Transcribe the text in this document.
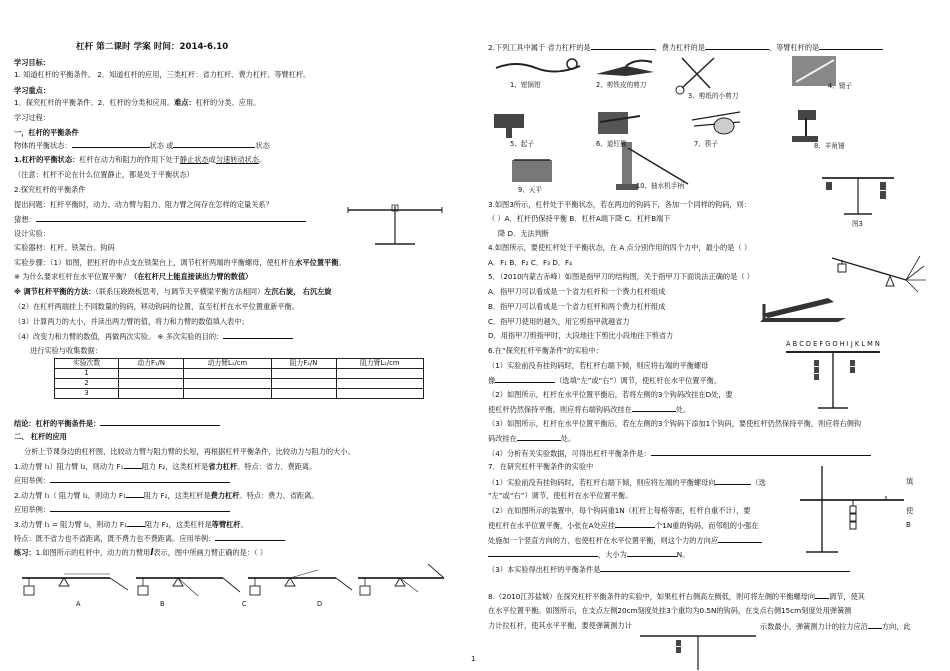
杠杆 第二课时 学案 时间：2014-6.10
学习目标：
1. 知道杠杆的平衡条件。 2．知道杠杆的应用，三类杠杆：省力杠杆、费力杠杆、等臂杠杆。
学习重点：
1．探究杠杆的平衡条件。2．杠杆的分类和应用。难点：杠杆的分类、应用。
学习过程：
一，杠杆的平衡条件
物体的平衡状态：	状态 或	状态
1.杠杆的平衡状态：杠杆在动力和阻力的作用下处于静止状态或匀速转动状态。
（注意：杠杆不论在什么位置静止，都是处于平衡状态）
2.探究杠杆的平衡条件
提出问题：杠杆平衡时，动力、动力臂与阻力、阻力臂之间存在怎样的定量关系？
猜想：
设计实验：
实验器材：杠杆、铁架台、钩码
实验步骤：（1）如图，把杠杆的中点支在铁架台上，调节杠杆两端的平衡螺母，使杠杆在水平位置平衡。
※ 为什么要求杠杆在水平位置平衡？（在杠杆尺上能直接读出力臂的数值）
※ 调节杠杆平衡的方法：（联系压跷跷板思考，与调节天平横梁平衡方法相同）左沉右旋， 右沉左旋
（2）在杠杆两端挂上不同数量的钩码，移动钩码的位置，直至杠杆在水平位置重新平衡。
（3）计算两力的大小，并读出两力臂的值，将力和力臂的数值填入表中；
（4）改变力和力臂的数值，再做两次实验。 ※ 多次实验的目的：
进行实验与收集数据：
实验次数	动力F₁/N	动力臂L₁/cm	阻力F₂/N	阻力臂L₂/cm
1				
2				
3				
结论：杠杆的平衡条件是：
二、 杠杆的应用
分析上节课身边的杠杆图，比较动力臂与阻力臂的长短，再根据杠杆平衡条件，比较动力与阻力的大小。
1.动力臂 l₁）阻力臂 l₂，则动力 F₁	阻力 F₂，这类杠杆是省力杠杆。特点：省力、费距离。
应用举例：
2.动力臂 l₁（ 阻力臂 l₂，则动力 F₁	阻力 F₂，这类杠杆是费力杠杆。特点：费力、省距离。
应用举例：
3.动力臂 l₁ = 阻力臂 l₂，则动力 F₁	阻力 F₂，这类杠杆是等臂杠杆。
特点：既不省力也不省距离，既不费力也不费距离。应用举例：
练习：1.如图所示的杠杆中，动力的力臂用l表示，图中所画力臂正确的是：（ ）
A	B	C	D
2.下列工具中属于 省力杠杆的是	，费力杠杆的是	，等臂杠杆的是
1、钳锅钳	2、剪铁皮的剪刀
3、剪纸的小剪刀
4、镊子
5、起子	6、道钉撬	7、筷子	8、羊角锤
9、天平	10、抽水机手柄
图3
3.如图3所示，杠杆处于平衡状态，若在两边的钩码下，各加一个同样的钩码，则：
（ ）A．杠杆仍保持平衡 B．杠杆A端下降 C．杠杆B端下
降 D．无法判断
4.如图所示，要使杠杆处于平衡状态，在 A 点分别作用的四个力中，最小的是（ ）
A．F₁ B．F₂ C．F₃ D．F₄
5．（2010内蒙古赤峰）如图是指甲刀的结构图，关于指甲刀下面说法正确的是（ ）
A．指甲刀可以看成是一个省力杠杆和一个费力杠杆组成
B．指甲刀可以看成是一个省力杠杆和两个费力杠杆组成
C．指甲刀使用的越久，用它剪指甲就越省力
D．用指甲刀剪指甲时，大段地往下剪比小段地往下剪省力
A B C D E F G O H I J K L M N
6.在“探究杠杆平衡条件”的实验中：
（1）实验前没有挂钩码时，若杠杆右端下倾，则应将右端的平衡螺母
像	（选填“左”或“右”）调节，使杠杆在水平位置平衡。
（2）如图所示，杠杆在水平位置平衡后，若将左侧的3个钩码改挂在D处，要
使杠杆仍然保持平衡，则应将右端钩码改挂在	处。
（3）如图所示，杠杆在水平位置平衡后，若在左侧的3个钩码下添加1个钩码，要使杠杆仍然保持平衡，则应将右侧钩
码改挂在	处。
（4）分析有关实验数据，可得出杠杆平衡条件是：
7．在研究杠杆平衡条件的实验中
（1）实验前没有挂钩码时，若杠杆右端下倾，则应将左端的平衡螺母向	（选	填
“左”或“右”）调节，使杠杆在水平位置平衡。
（2）在如图所示的装置中，每个钩码重1N（杠杆上每格等距，杠杆自重不计），要	使
使杠杆在水平位置平衡，小张在A处应挂	个1N重的钩码，而邻组的小强在	B
处施加一个竖直方向的力，也使杠杆在水平位置平衡，则这个力的方向应
，大小为	N。
（3）本实验得出杠杆的平衡条件是
8.（2010江苏盐城）在探究杠杆平衡条件的实验中，如果杠杆右侧高左侧低，则可将左侧的平衡螺母向 调节，使其
在水平位置平衡。如图所示，在支点左侧20cm刻度处挂3个重均为0.5N的钩码，在支点右侧15cm刻度处用弹簧测
力计拉杠杆，使其水平平衡，要使弹簧测力计	示数最小，弹簧测力计的拉力应沿 方向，此
1
